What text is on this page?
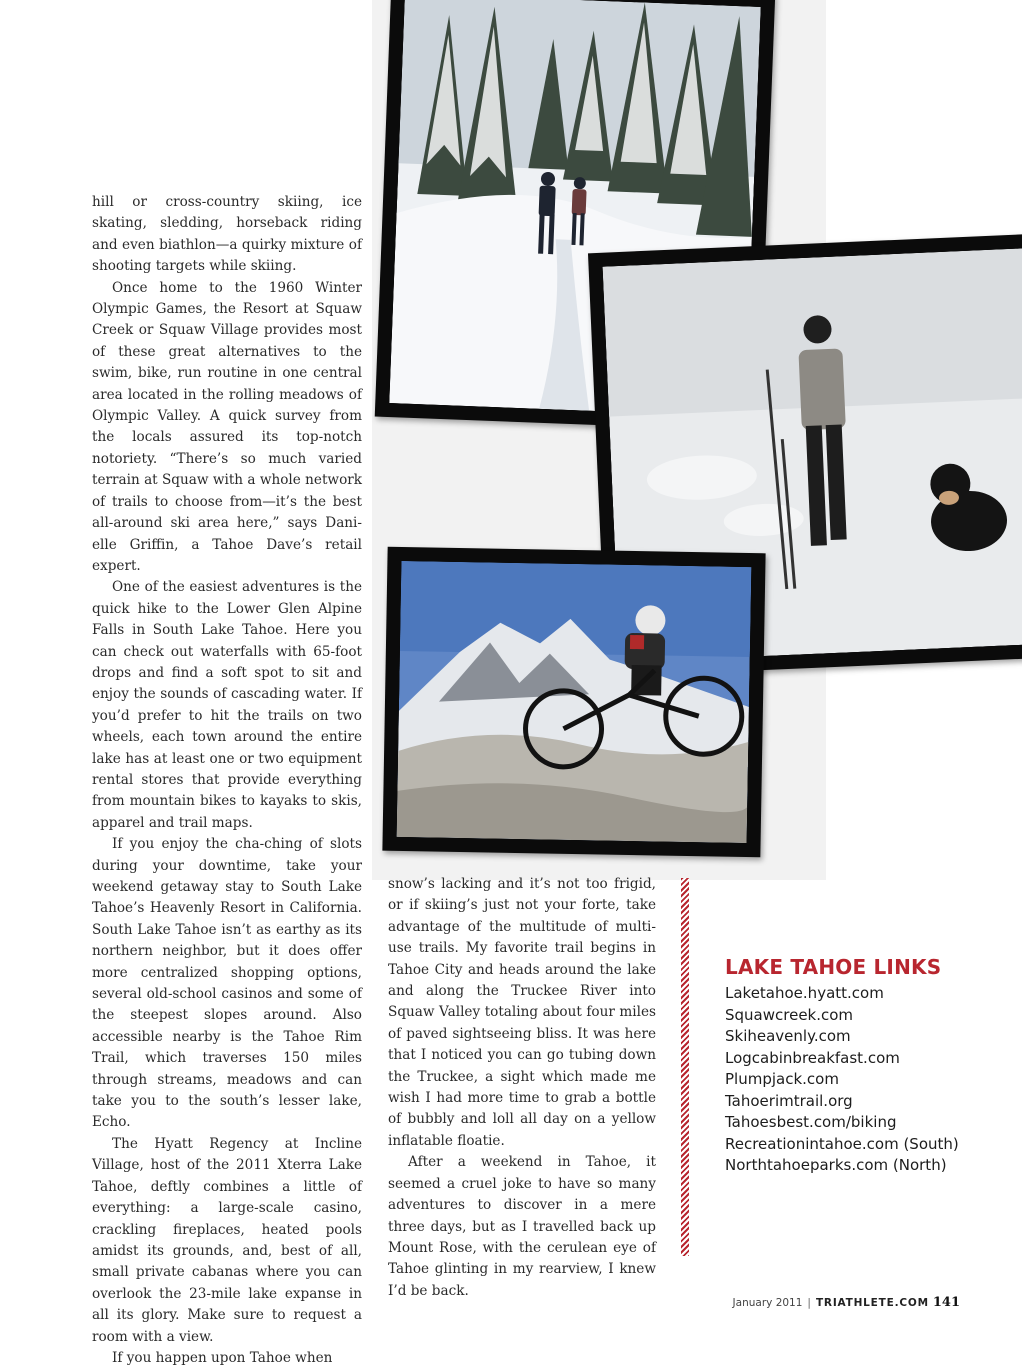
hill or cross-country skiing, ice skating, sledding, horseback riding and even biathlon—a quirky mixture of shooting targets while skiing.

Once home to the 1960 Winter Olympic Games, the Resort at Squaw Creek or Squaw Village provides most of these great alternatives to the swim, bike, run routine in one central area located in the rolling meadows of Olympic Valley. A quick survey from the locals assured its top-notch notoriety. “There’s so much varied terrain at Squaw with a whole network of trails to choose from—it’s the best all-around ski area here,” says Danielle Griffin, a Tahoe Dave’s retail expert.

One of the easiest adventures is the quick hike to the Lower Glen Alpine Falls in South Lake Tahoe. Here you can check out waterfalls with 65-foot drops and find a soft spot to sit and enjoy the sounds of cascading water. If you’d prefer to hit the trails on two wheels, each town around the entire lake has at least one or two equipment rental stores that provide everything from mountain bikes to kayaks to skis, apparel and trail maps.

If you enjoy the cha-ching of slots during your downtime, take your weekend getaway stay to South Lake Tahoe’s Heavenly Resort in California. South Lake Tahoe isn’t as earthy as its northern neighbor, but it does offer more centralized shopping options, several old-school casinos and some of the steepest slopes around. Also accessible nearby is the Tahoe Rim Trail, which traverses 150 miles through streams, meadows and can take you to the south’s lesser lake, Echo.

The Hyatt Regency at Incline Village, host of the 2011 Xterra Lake Tahoe, deftly combines a little of everything: a large-scale casino, crackling fireplaces, heated pools amidst its grounds, and, best of all, small private cabanas where you can overlook the 23-mile lake expanse in all its glory. Make sure to request a room with a view.

If you happen upon Tahoe when

snow’s lacking and it’s not too frigid, or if skiing’s just not your forte, take advantage of the multitude of multi-use trails. My favorite trail begins in Tahoe City and heads around the lake and along the Truckee River into Squaw Valley totaling about four miles of paved sightseeing bliss. It was here that I noticed you can go tubing down the Truckee, a sight which made me wish I had more time to grab a bottle of bubbly and loll all day on a yellow inflatable floatie.

After a weekend in Tahoe, it seemed a cruel joke to have so many adventures to discover in a mere three days, but as I travelled back up Mount Rose, with the cerulean eye of Tahoe glinting in my rearview, I knew I’d be back.

LAKE TAHOE LINKS
Laketahoe.hyatt.com
Squawcreek.com
Skiheavenly.com
Logcabinbreakfast.com
Plumpjack.com
Tahoerimtrail.org
Tahoesbest.com/biking
Recreationintahoe.com (South)
Northtahoeparks.com (North)
January 2011 | TRIATHLETE.COM 141
